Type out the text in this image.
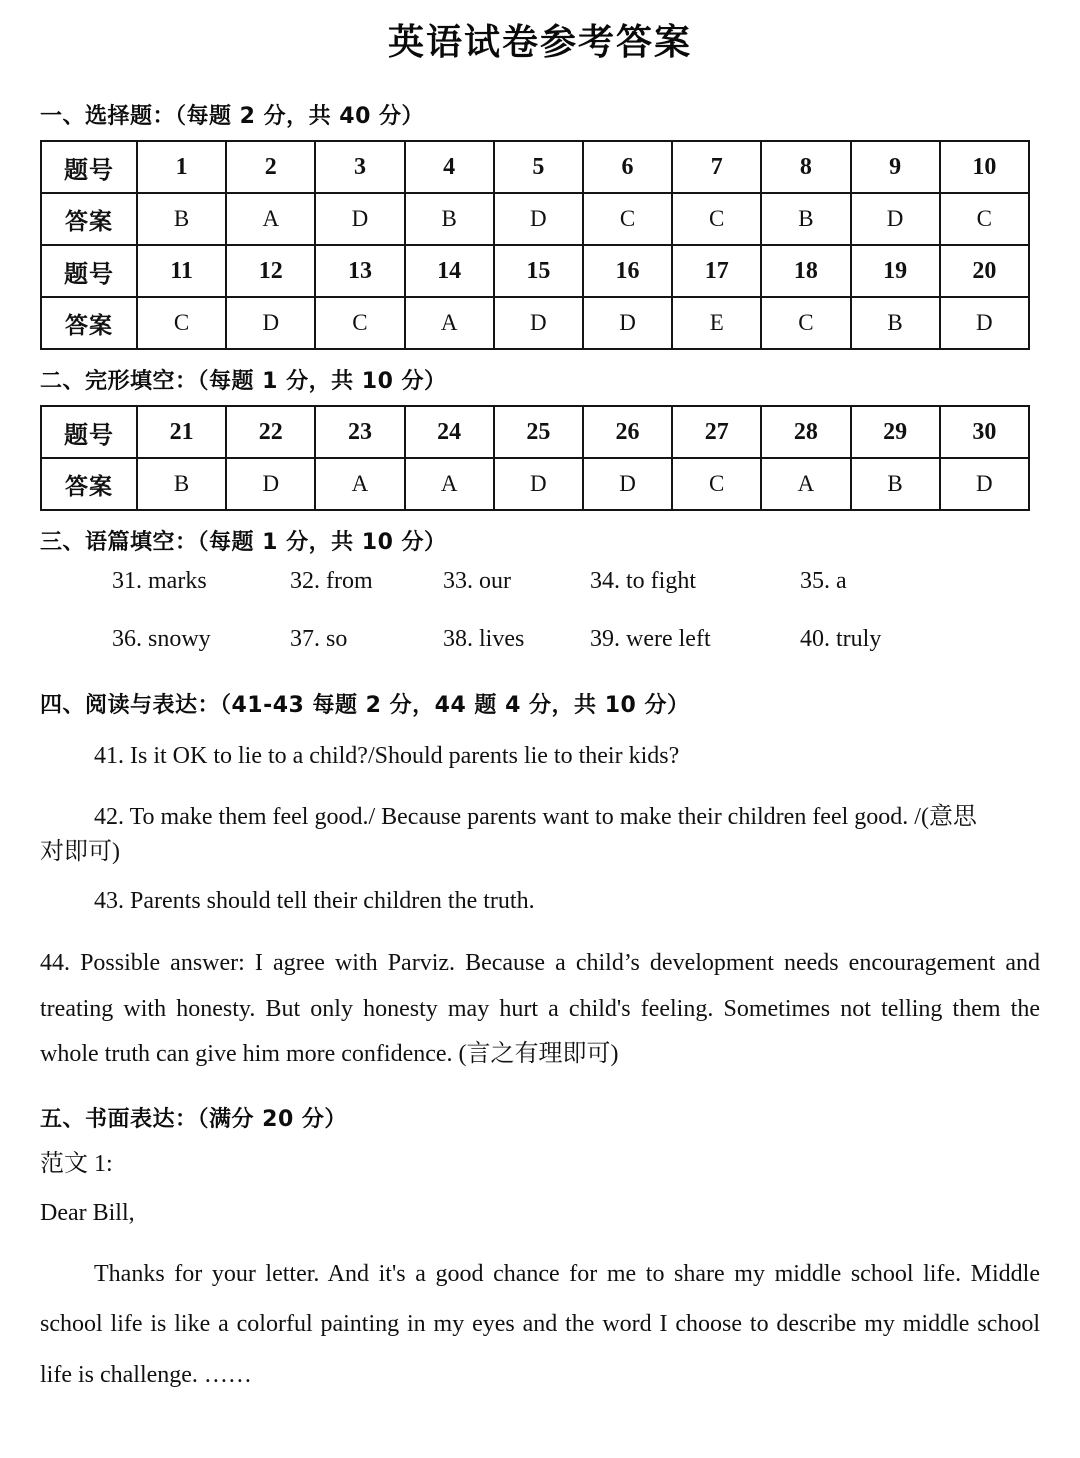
英语试卷参考答案
一、选择题：（每题 2 分，共 40 分）
题号	1	2	3	4	5	6	7	8	9	10
答案	B	A	D	B	D	C	C	B	D	C
题号	11	12	13	14	15	16	17	18	19	20
答案	C	D	C	A	D	D	E	C	B	D
二、完形填空：（每题 1 分，共 10 分）
题号	21	22	23	24	25	26	27	28	29	30
答案	B	D	A	A	D	D	C	A	B	D
三、语篇填空：（每题 1 分，共 10 分）
31. marks	32. from	33. our	34. to fight	35. a
36. snowy	37. so	38. lives	39. were left	40. truly
四、阅读与表达：（41-43 每题 2 分，44 题 4 分，共 10 分）
41. Is it OK to lie to a child?/Should parents lie to their kids?
42. To make them feel good./ Because parents want to make their children feel good. /(意思
对即可)
43. Parents should tell their children the truth.
44. Possible answer: I agree with Parviz. Because a child’s development needs encouragement and treating with honesty. But only honesty may hurt a child's feeling. Sometimes not telling them the whole truth can give him more confidence. (言之有理即可)
五、书面表达：（满分 20 分）
范文 1:
Dear Bill,
Thanks for your letter. And it's a good chance for me to share my middle school life. Middle school life is like a colorful painting in my eyes and the word I choose to describe my middle school life is challenge. ……
